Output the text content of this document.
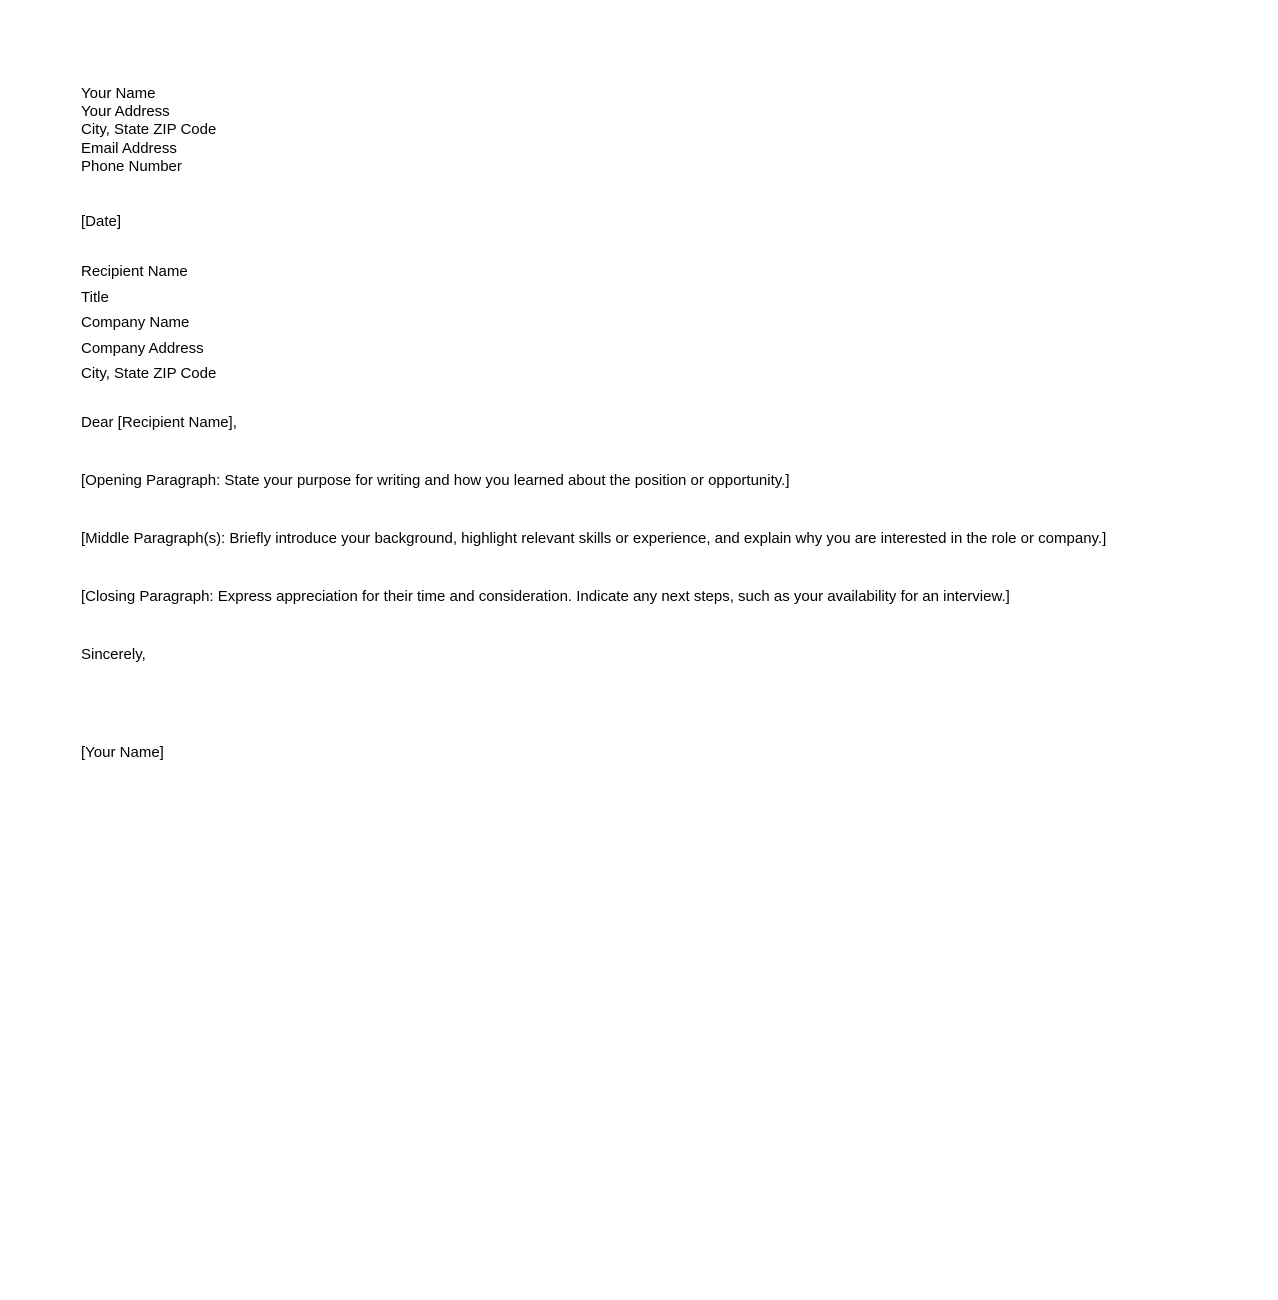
Your Name
Your Address
City, State ZIP Code
Email Address
Phone Number
[Date]
Recipient Name
Title
Company Name
Company Address
City, State ZIP Code
Dear [Recipient Name],
[Opening Paragraph: State your purpose for writing and how you learned about the position or opportunity.]
[Middle Paragraph(s): Briefly introduce your background, highlight relevant skills or experience, and explain why you are interested in the role or company.]
[Closing Paragraph: Express appreciation for their time and consideration. Indicate any next steps, such as your availability for an interview.]
Sincerely,
[Your Name]
